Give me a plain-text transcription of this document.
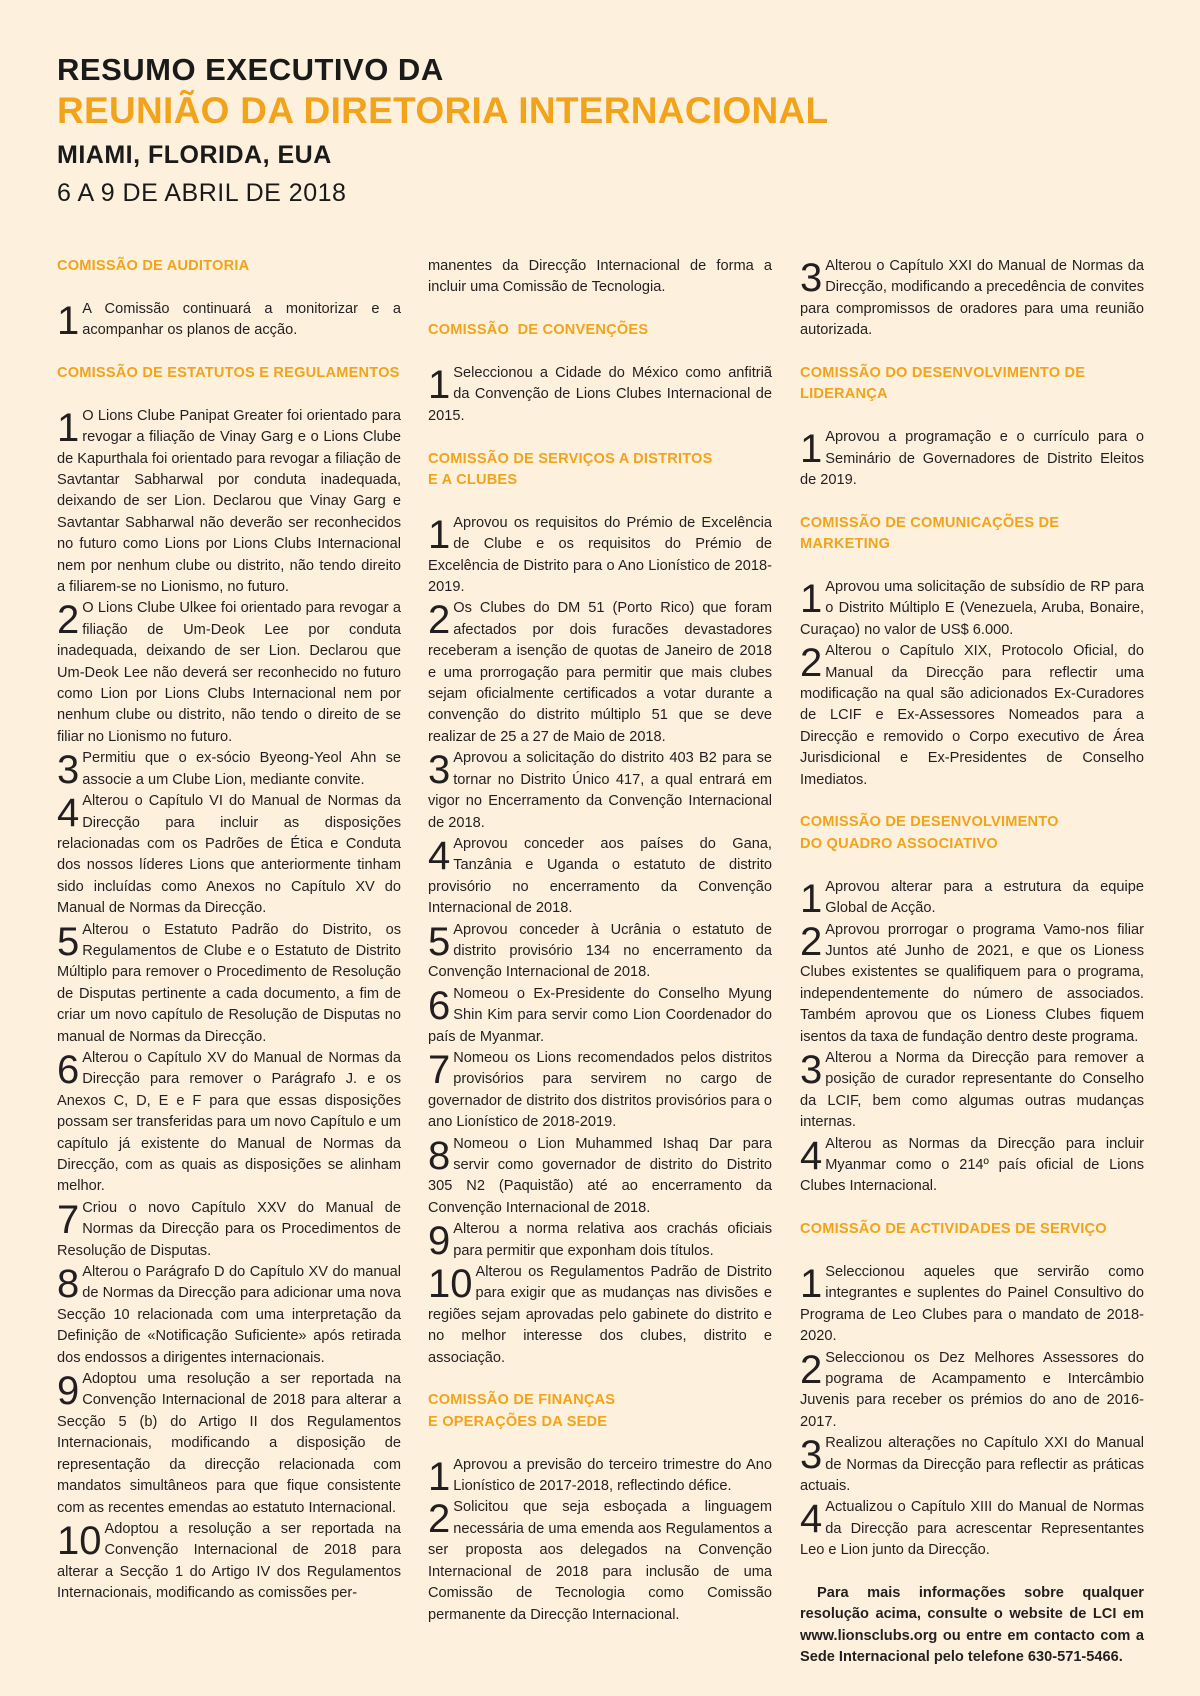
RESUMO EXECUTIVO DA
REUNIÃO DA DIRETORIA INTERNACIONAL
MIAMI, FLORIDA, EUA
6 A 9 DE ABRIL DE 2018
COMISSÃO DE AUDITORIA

1 A Comissão continuará a monitorizar e a acompanhar os planos de acção.

COMISSÃO DE ESTATUTOS E REGULAMENTOS

1 O Lions Clube Panipat Greater foi orientado para revogar a filiação de Vinay Garg e o Lions Clube de Kapurthala foi orientado para revogar a filiação de Savtantar Sabharwal por conduta inadequada, deixando de ser Lion. Declarou que Vinay Garg e Savtantar Sabharwal não deverão ser reconhecidos no futuro como Lions por Lions Clubs Internacional nem por nenhum clube ou distrito, não tendo direito a filiarem-se no Lionismo, no futuro.

2 O Lions Clube Ulkee foi orientado para revogar a filiação de Um-Deok Lee por conduta inadequada, deixando de ser Lion. Declarou que Um-Deok Lee não deverá ser reconhecido no futuro como Lion por Lions Clubs Internacional nem por nenhum clube ou distrito, não tendo o direito de se filiar no Lionismo no futuro.

3 Permitiu que o ex-sócio Byeong-Yeol Ahn se associe a um Clube Lion, mediante convite.

4 Alterou o Capítulo VI do Manual de Normas da Direcção para incluir as disposições relacionadas com os Padrões de Ética e Conduta dos nossos líderes Lions que anteriormente tinham sido incluídas como Anexos no Capítulo XV do Manual de Normas da Direcção.

5 Alterou o Estatuto Padrão do Distrito, os Regulamentos de Clube e o Estatuto de Distrito Múltiplo para remover o Procedimento de Resolução de Disputas pertinente a cada documento, a fim de criar um novo capítulo de Resolução de Disputas no manual de Normas da Direcção.

6 Alterou o Capítulo XV do Manual de Normas da Direcção para remover o Parágrafo J. e os Anexos C, D, E e F para que essas disposições possam ser transferidas para um novo Capítulo e um capítulo já existente do Manual de Normas da Direcção, com as quais as disposições se alinham melhor.

7 Criou o novo Capítulo XXV do Manual de Normas da Direcção para os Procedimentos de Resolução de Disputas.

8 Alterou o Parágrafo D do Capítulo XV do manual de Normas da Direcção para adicionar uma nova Secção 10 relacionada com uma interpretação da Definição de «Notificação Suficiente» após retirada dos endossos a dirigentes internacionais.

9 Adoptou uma resolução a ser reportada na Convenção Internacional de 2018 para alterar a Secção 5 (b) do Artigo II dos Regulamentos Internacionais, modificando a disposição de representação da direcção relacionada com mandatos simultâneos para que fique consistente com as recentes emendas ao estatuto Internacional.

10 Adoptou a resolução a ser reportada na Convenção Internacional de 2018 para alterar a Secção 1 do Artigo IV dos Regulamentos Internacionais, modificando as comissões per-

manentes da Direcção Internacional de forma a incluir uma Comissão de Tecnologia.

COMISSÃO  DE CONVENÇÕES

1 Seleccionou a Cidade do México como anfitriã da Convenção de Lions Clubes Internacional de 2015.

COMISSÃO DE SERVIÇOS A DISTRITOS E A CLUBES

1 Aprovou os requisitos do Prémio de Excelência de Clube e os requisitos do Prémio de Excelência de Distrito para o Ano Lionístico de 2018-2019.

2 Os Clubes do DM 51 (Porto Rico) que foram afectados por dois furacões devastadores receberam a isenção de quotas de Janeiro de 2018 e uma prorrogação para permitir que mais clubes sejam oficialmente certificados a votar durante a convenção do distrito múltiplo 51 que se deve realizar de 25 a 27 de Maio de 2018.

3 Aprovou a solicitação do distrito 403 B2 para se tornar no Distrito Único 417, a qual entrará em vigor no Encerramento da Convenção Internacional de 2018.

4 Aprovou conceder aos países do Gana, Tanzânia e Uganda o estatuto de distrito provisório no encerramento da Convenção Internacional de 2018.

5 Aprovou conceder à Ucrânia o estatuto de distrito provisório 134 no encerramento da Convenção Internacional de 2018.

6 Nomeou o Ex-Presidente do Conselho Myung Shin Kim para servir como Lion Coordenador do país de Myanmar.

7 Nomeou os Lions recomendados pelos distritos provisórios para servirem no cargo de governador de distrito dos distritos provisórios para o ano Lionístico de 2018-2019.

8 Nomeou o Lion Muhammed Ishaq Dar para servir como governador de distrito do Distrito 305 N2 (Paquistão) até ao encerramento da Convenção Internacional de 2018.

9 Alterou a norma relativa aos crachás oficiais para permitir que exponham dois títulos.

10 Alterou os Regulamentos Padrão de Distrito para exigir que as mudanças nas divisões e regiões sejam aprovadas pelo gabinete do distrito e no melhor interesse dos clubes, distrito e associação.

COMISSÃO DE FINANÇAS
E OPERAÇÕES DA SEDE

1 Aprovou a previsão do terceiro trimestre do Ano Lionístico de 2017-2018, reflectindo défice.

2 Solicitou que seja esboçada a linguagem necessária de uma emenda aos Regulamentos a ser proposta aos delegados na Convenção Internacional de 2018 para inclusão de uma Comissão de Tecnologia como Comissão permanente da Direcção Internacional.

3 Alterou o Capítulo XXI do Manual de Normas da Direcção, modificando a precedência de convites para compromissos de oradores para uma reunião autorizada.

COMISSÃO DO DESENVOLVIMENTO DE LIDERANÇA

1 Aprovou a programação e o currículo para o Seminário de Governadores de Distrito Eleitos de 2019.

COMISSÃO DE COMUNICAÇÕES DE MARKETING

1 Aprovou uma solicitação de subsídio de RP para o Distrito Múltiplo E (Venezuela, Aruba, Bonaire, Curaçao) no valor de US$ 6.000.

2 Alterou o Capítulo XIX, Protocolo Oficial, do Manual da Direcção para reflectir uma modificação na qual são adicionados Ex-Curadores de LCIF e Ex-Assessores Nomeados para a Direcção e removido o Corpo executivo de Área Jurisdicional e Ex-Presidentes de Conselho Imediatos.

COMISSÃO DE DESENVOLVIMENTO
DO QUADRO ASSOCIATIVO

1 Aprovou alterar para a estrutura da equipe Global de Acção.

2 Aprovou prorrogar o programa Vamo-nos filiar Juntos até Junho de 2021, e que os Lioness Clubes existentes se qualifiquem para o programa, independentemente do número de associados. Também aprovou que os Lioness Clubes fiquem isentos da taxa de fundação dentro deste programa.

3 Alterou a Norma da Direcção para remover a posição de curador representante do Conselho da LCIF, bem como algumas outras mudanças internas.

4 Alterou as Normas da Direcção para incluir Myanmar como o 214º país oficial de Lions Clubes Internacional.

COMISSÃO DE ACTIVIDADES DE SERVIÇO

1 Seleccionou aqueles que servirão como integrantes e suplentes do Painel Consultivo do Programa de Leo Clubes para o mandato de 2018-2020.

2 Seleccionou os Dez Melhores Assessores do pograma de Acampamento e Intercâmbio Juvenis para receber os prémios do ano de 2016-2017.

3 Realizou alterações no Capítulo XXI do Manual de Normas da Direcção para reflectir as práticas actuais.

4 Actualizou o Capítulo XIII do Manual de Normas da Direcção para acrescentar Representantes Leo e Lion junto da Direcção.

Para mais informações sobre qualquer resolução acima, consulte o website de LCI em www.lionsclubs.org ou entre em contacto com a Sede Internacional pelo telefone 630-571-5466.
